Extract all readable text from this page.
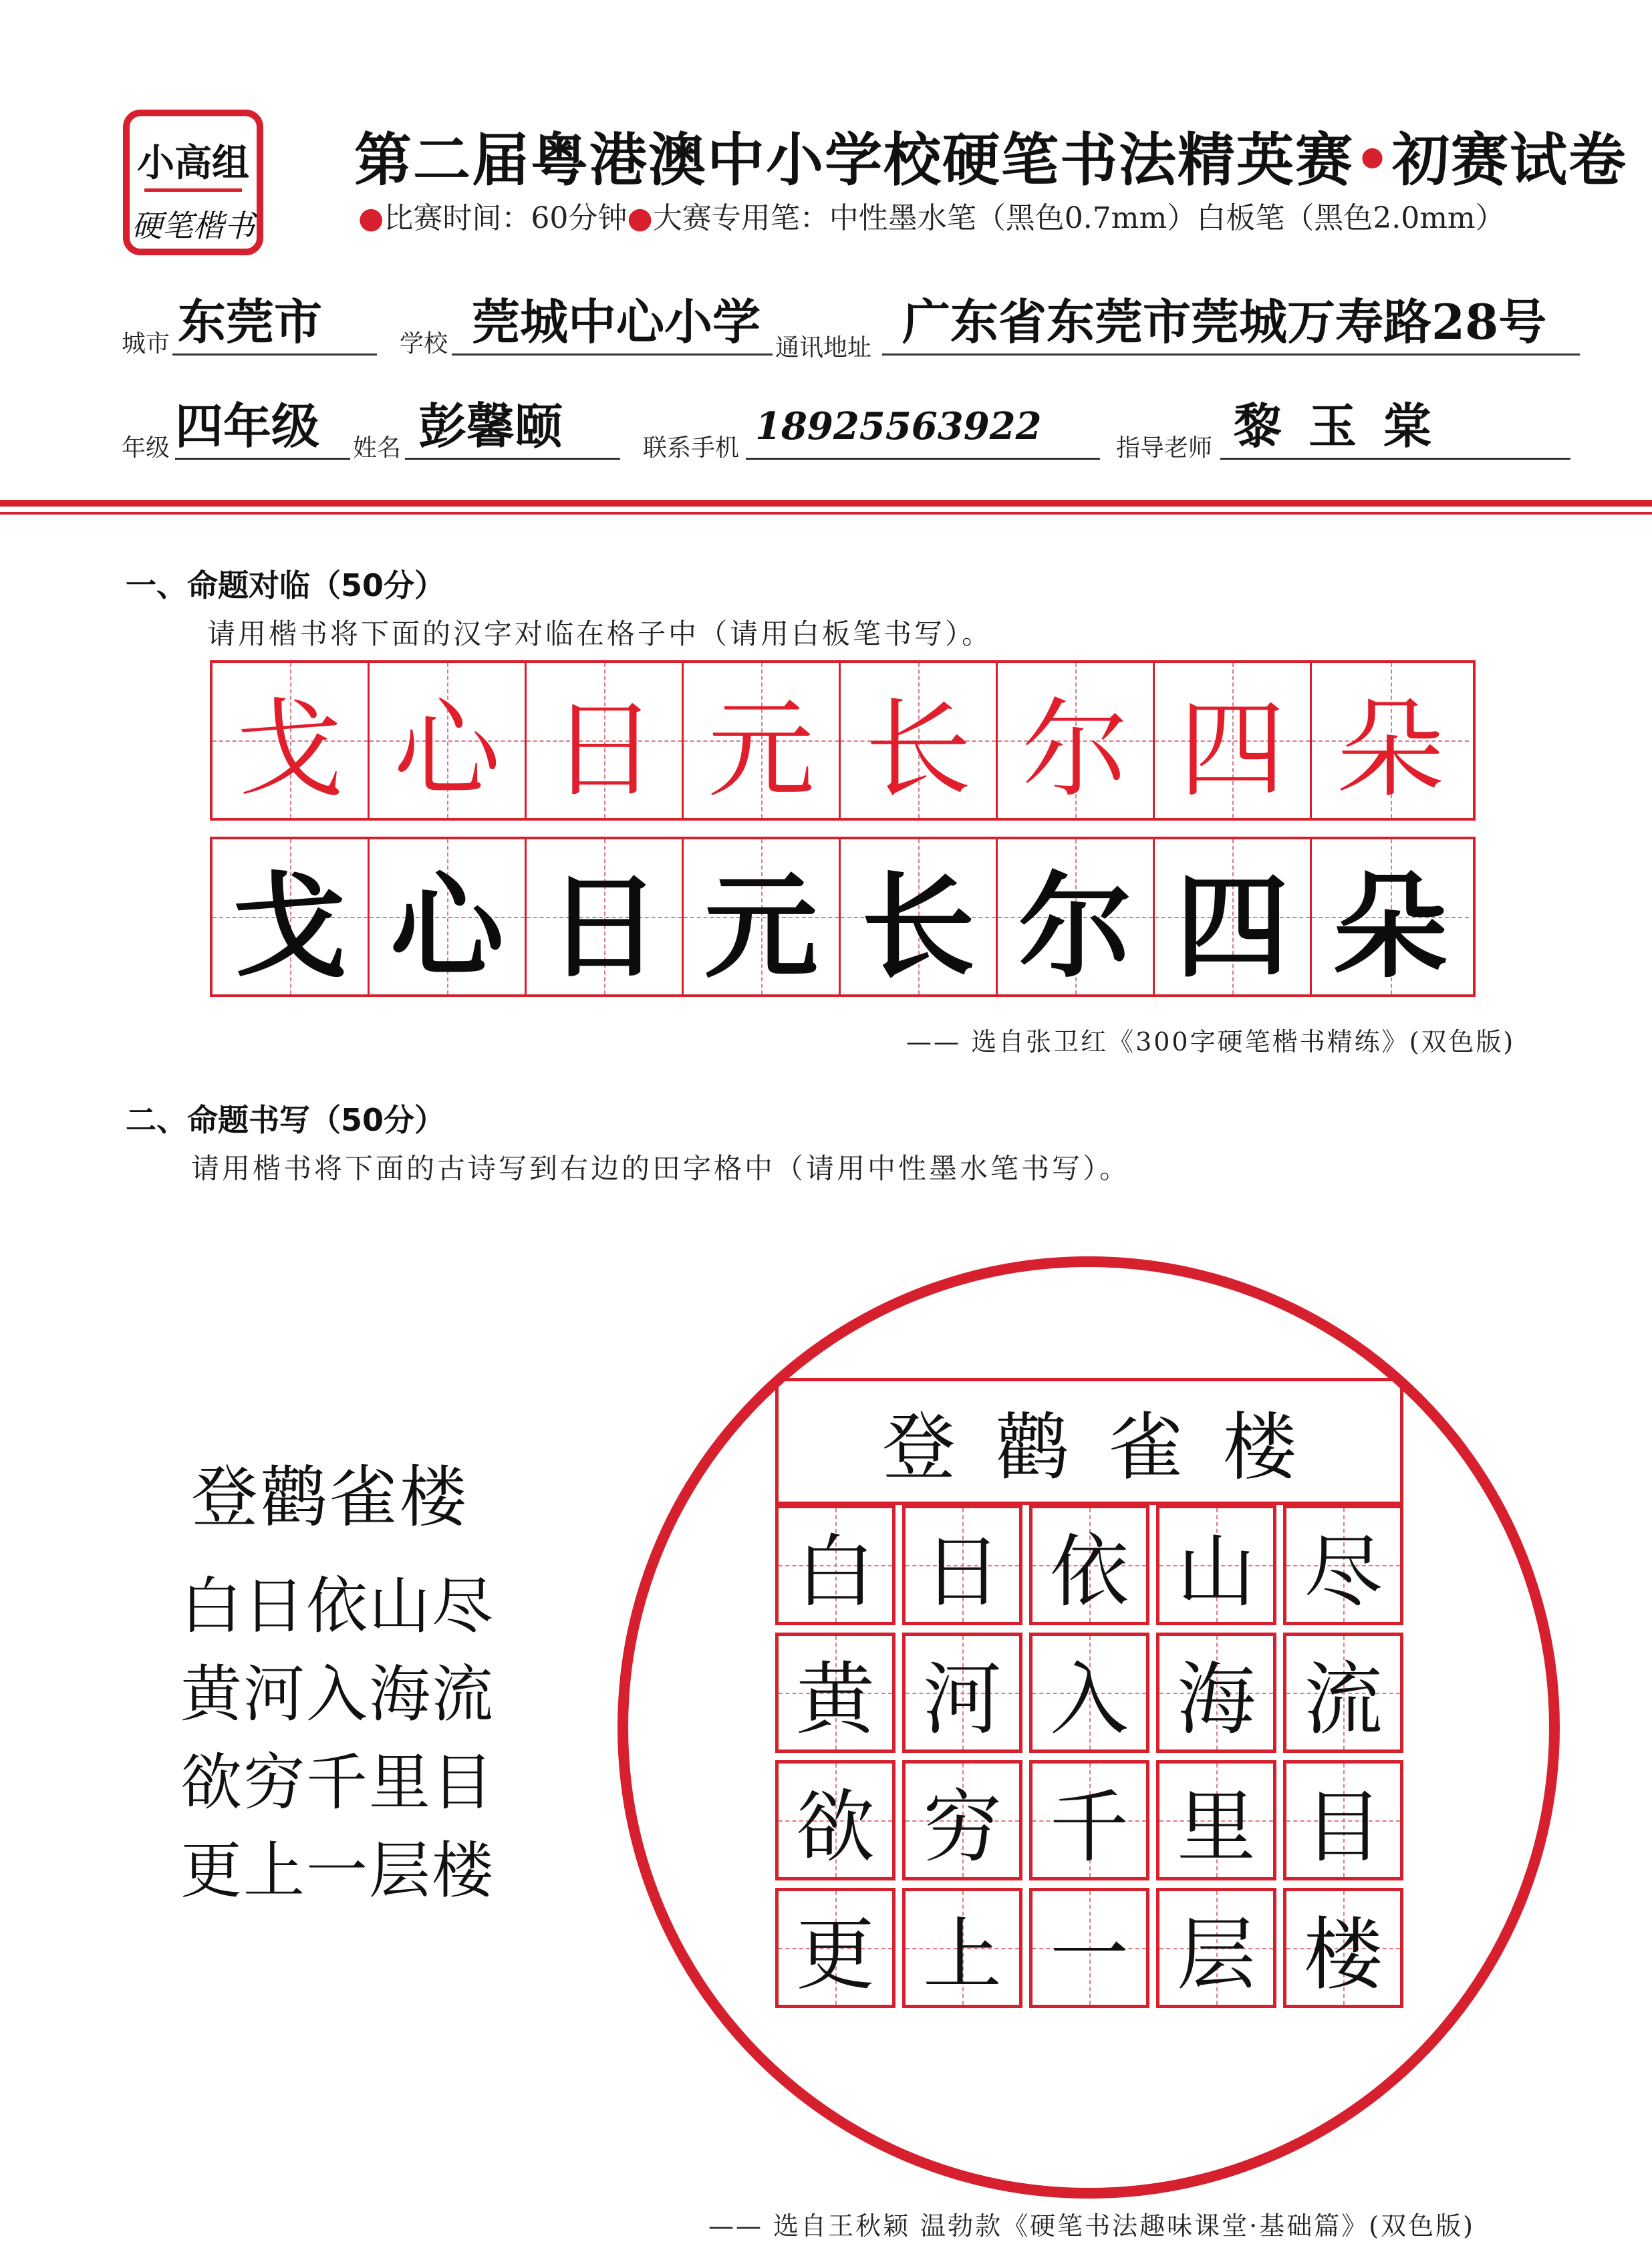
小高组
硬笔楷书
第二届粤港澳中小学校硬笔书法精英赛•初赛试卷
●比赛时间：60分钟●大赛专用笔：中性墨水笔（黑色0.7mm）白板笔（黑色2.0mm）
城市 东莞市	学校 莞城中心小学 通讯地址 广东省东莞市莞城万寿路28号
年级 四年级	姓名 彭馨颐	联系手机 18925563922	指导老师 黎玉棠
一、命题对临（50分）
请用楷书将下面的汉字对临在格子中（请用白板笔书写）。
戈 心 日 元 长 尔 四 朵
戈 心 日 元 长 尔 四 朵
—— 选自张卫红《300字硬笔楷书精练》(双色版)
二、命题书写（50分）
请用楷书将下面的古诗写到右边的田字格中（请用中性墨水笔书写）。
登鹳雀楼
白日依山尽
黄河入海流
欲穷千里目
更上一层楼
登鹳雀楼
白 日 依 山 尽
黄 河 入 海 流
欲 穷 千 里 目
更 上 一 层 楼
—— 选自王秋颖 温勃款《硬笔书法趣味课堂·基础篇》(双色版)
